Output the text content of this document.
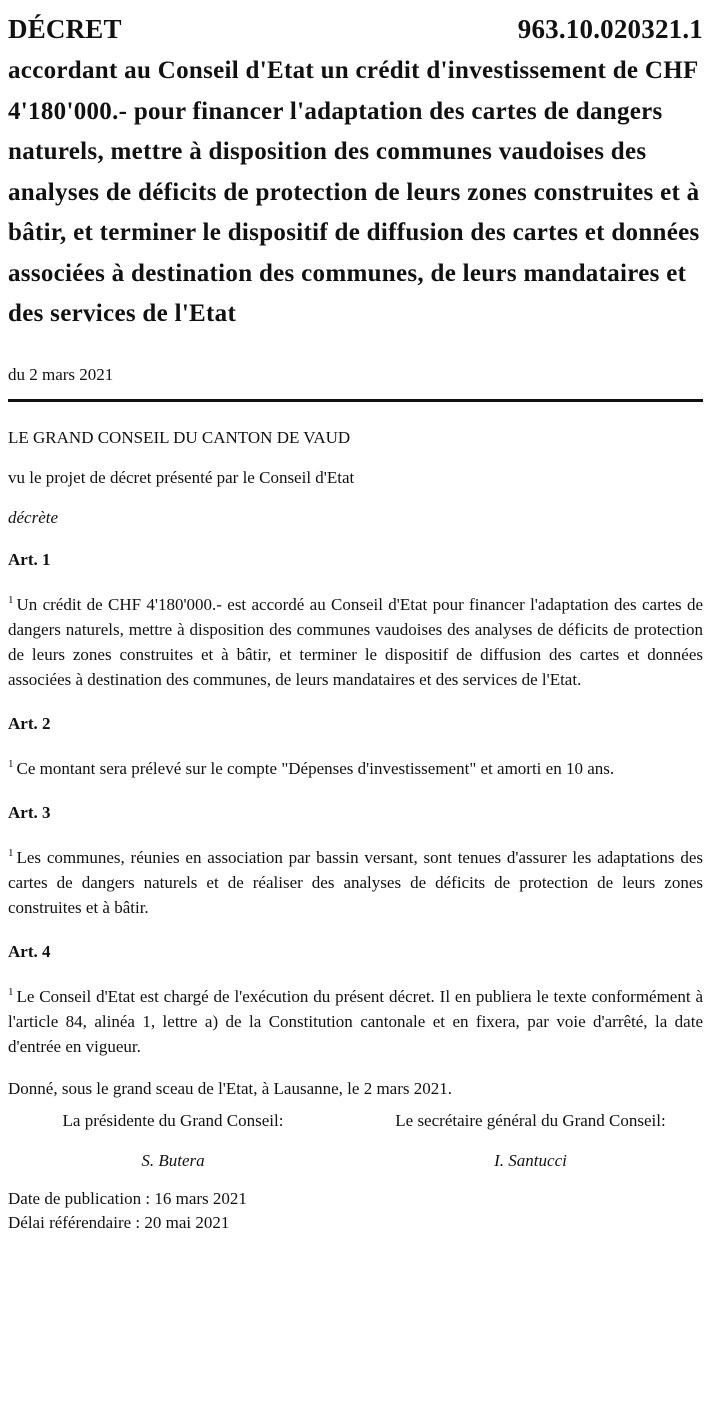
DÉCRET	963.10.020321.1
accordant au Conseil d'Etat un crédit d'investissement de CHF 4'180'000.- pour financer l'adaptation des cartes de dangers naturels, mettre à disposition des communes vaudoises des analyses de déficits de protection de leurs zones construites et à bâtir, et terminer le dispositif de diffusion des cartes et données associées à destination des communes, de leurs mandataires et des services de l'Etat
du 2 mars 2021
LE GRAND CONSEIL DU CANTON DE VAUD
vu le projet de décret présenté par le Conseil d'Etat
décrète
Art. 1
$^1$ Un crédit de CHF 4'180'000.- est accordé au Conseil d'Etat pour financer l'adaptation des cartes de dangers naturels, mettre à disposition des communes vaudoises des analyses de déficits de protection de leurs zones construites et à bâtir, et terminer le dispositif de diffusion des cartes et données associées à destination des communes, de leurs mandataires et des services de l'Etat.
Art. 2
$^1$ Ce montant sera prélevé sur le compte "Dépenses d'investissement" et amorti en 10 ans.
Art. 3
$^1$ Les communes, réunies en association par bassin versant, sont tenues d'assurer les adaptations des cartes de dangers naturels et de réaliser des analyses de déficits de protection de leurs zones construites et à bâtir.
Art. 4
$^1$ Le Conseil d'Etat est chargé de l'exécution du présent décret. Il en publiera le texte conformément à l'article 84, alinéa 1, lettre a) de la Constitution cantonale et en fixera, par voie d'arrêté, la date d'entrée en vigueur.
Donné, sous le grand sceau de l'Etat, à Lausanne, le 2 mars 2021.
La présidente du Grand Conseil:
S. Butera
Le secrétaire général du Grand Conseil:
I. Santucci
Date de publication : 16 mars 2021
Délai référendaire : 20 mai 2021
